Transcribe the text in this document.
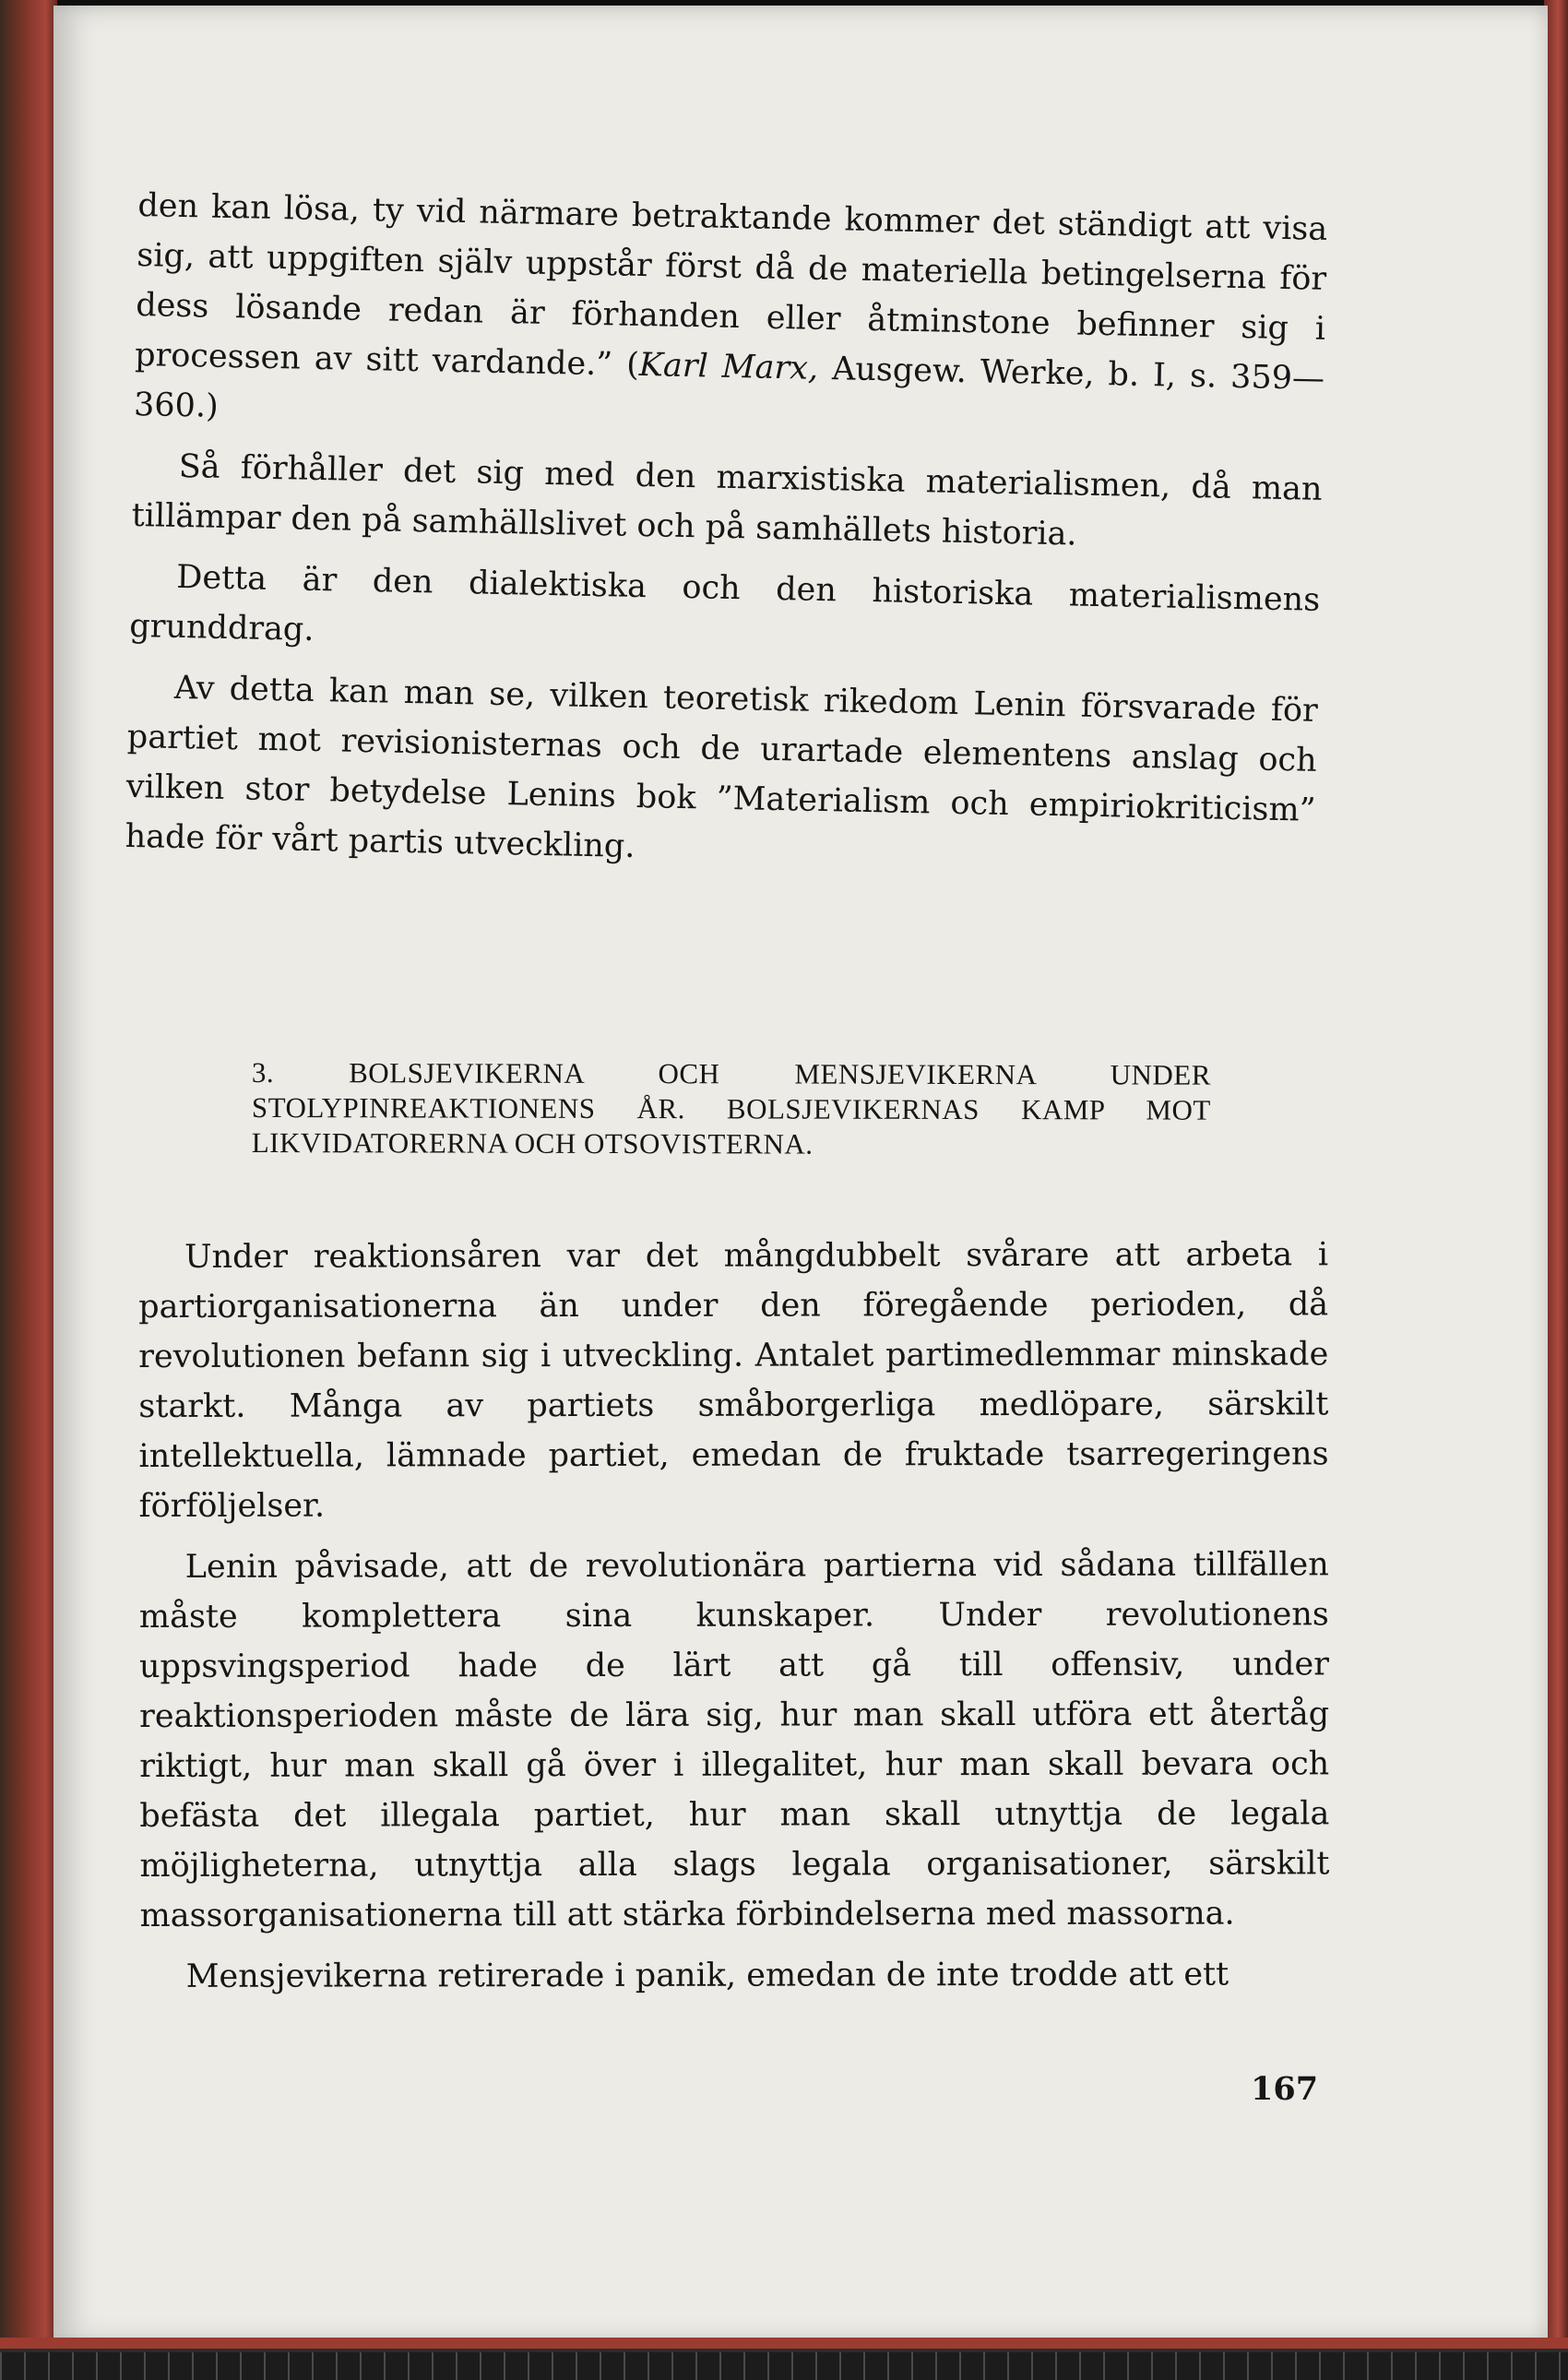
den kan lösa, ty vid närmare betraktande kommer det ständigt att visa sig, att uppgiften själv uppstår först då de materiella betingelserna för dess lösande redan är förhanden eller åtminstone befinner sig i processen av sitt vardande.” (Karl Marx, Ausgew. Werke, b. I, s. 359—360.)

Så förhåller det sig med den marxistiska materialismen, då man tillämpar den på samhällslivet och på samhällets historia.

Detta är den dialektiska och den historiska materialismens grunddrag.

Av detta kan man se, vilken teoretisk rikedom Lenin försvarade för partiet mot revisionisternas och de urartade elementens anslag och vilken stor betydelse Lenins bok ”Materialism och empiriokriticism” hade för vårt partis utveckling.

3. BOLSJEVIKERNA OCH MENSJEVIKERNA UNDER STOLYPINREAKTIONENS ÅR. BOLSJEVIKERNAS KAMP MOT LIKVIDATORERNA OCH OTSOVISTERNA.

Under reaktionsåren var det mångdubbelt svårare att arbeta i partiorganisationerna än under den föregående perioden, då revolutionen befann sig i utveckling. Antalet partimedlemmar minskade starkt. Många av partiets småborgerliga medlöpare, särskilt intellektuella, lämnade partiet, emedan de fruktade tsarregeringens förföljelser.

Lenin påvisade, att de revolutionära partierna vid sådana tillfällen måste komplettera sina kunskaper. Under revolutionens uppsvingsperiod hade de lärt att gå till offensiv, under reaktionsperioden måste de lära sig, hur man skall utföra ett återtåg riktigt, hur man skall gå över i illegalitet, hur man skall bevara och befästa det illegala partiet, hur man skall utnyttja de legala möjligheterna, utnyttja alla slags legala organisationer, särskilt massorganisationerna till att stärka förbindelserna med massorna.

Mensjevikerna retirerade i panik, emedan de inte trodde att ett

167
